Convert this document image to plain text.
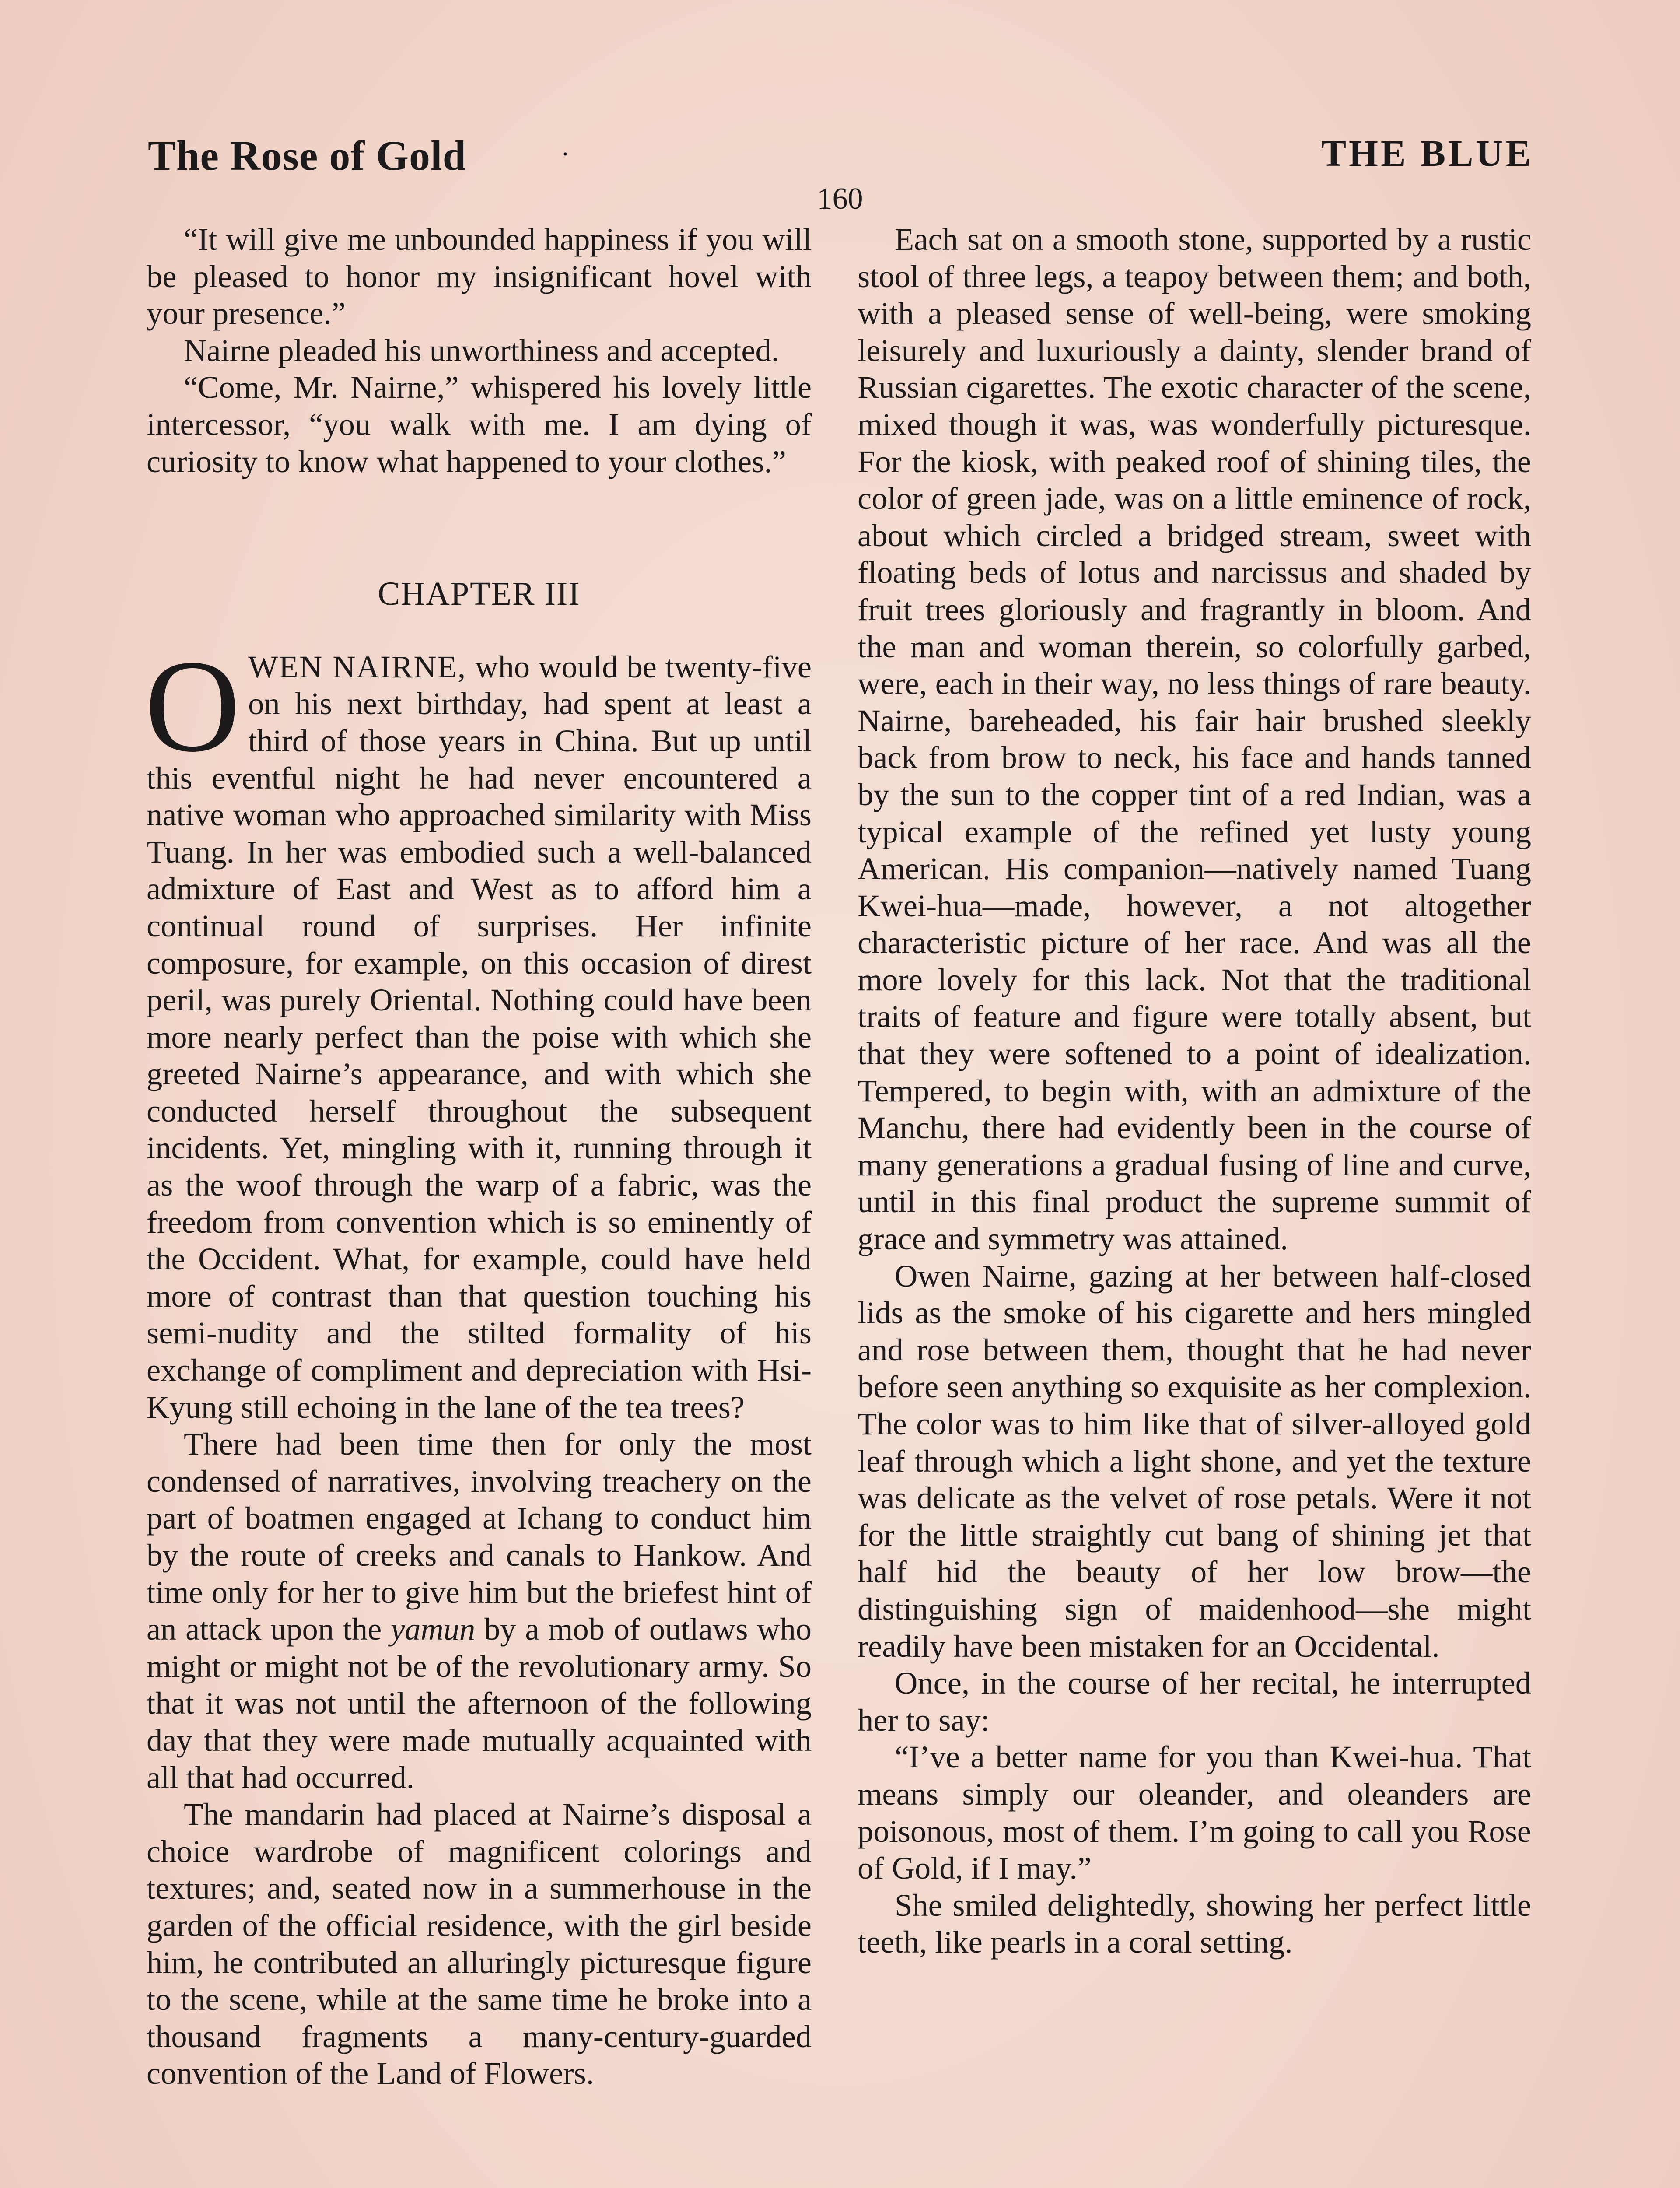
The Rose of Gold	·	THE BLUE
160

“It will give me unbounded happiness if you will be pleased to honor my insignificant hovel with your presence.”

Nairne pleaded his unworthiness and accepted.

“Come, Mr. Nairne,” whispered his lovely little intercessor, “you walk with me. I am dying of curiosity to know what happened to your clothes.”

CHAPTER III

OWEN NAIRNE, who would be twenty-five on his next birthday, had spent at least a third of those years in China. But up until this eventful night he had never encountered a native woman who approached similarity with Miss Tuang. In her was embodied such a well-balanced admixture of East and West as to afford him a continual round of surprises. Her infinite composure, for example, on this occasion of direst peril, was purely Oriental. Nothing could have been more nearly perfect than the poise with which she greeted Nairne’s appearance, and with which she conducted herself throughout the subsequent incidents. Yet, mingling with it, running through it as the woof through the warp of a fabric, was the freedom from convention which is so eminently of the Occident. What, for example, could have held more of contrast than that question touching his semi-nudity and the stilted formality of his exchange of compliment and depreciation with Hsi-Kyung still echoing in the lane of the tea trees?

There had been time then for only the most condensed of narratives, involving treachery on the part of boatmen engaged at Ichang to conduct him by the route of creeks and canals to Hankow. And time only for her to give him but the briefest hint of an attack upon the yamun by a mob of outlaws who might or might not be of the revolutionary army. So that it was not until the afternoon of the following day that they were made mutually acquainted with all that had occurred.

The mandarin had placed at Nairne’s disposal a choice wardrobe of magnificent colorings and textures; and, seated now in a summerhouse in the garden of the official residence, with the girl beside him, he contributed an alluringly picturesque figure to the scene, while at the same time he broke into a thousand fragments a many-century-guarded convention of the Land of Flowers.

Each sat on a smooth stone, supported by a rustic stool of three legs, a teapoy between them; and both, with a pleased sense of well-being, were smoking leisurely and luxuriously a dainty, slender brand of Russian cigarettes. The exotic character of the scene, mixed though it was, was wonderfully picturesque. For the kiosk, with peaked roof of shining tiles, the color of green jade, was on a little eminence of rock, about which circled a bridged stream, sweet with floating beds of lotus and narcissus and shaded by fruit trees gloriously and fragrantly in bloom. And the man and woman therein, so colorfully garbed, were, each in their way, no less things of rare beauty. Nairne, bareheaded, his fair hair brushed sleekly back from brow to neck, his face and hands tanned by the sun to the copper tint of a red Indian, was a typical example of the refined yet lusty young American. His companion—natively named Tuang Kwei-hua—made, however, a not altogether characteristic picture of her race. And was all the more lovely for this lack. Not that the traditional traits of feature and figure were totally absent, but that they were softened to a point of idealization. Tempered, to begin with, with an admixture of the Manchu, there had evidently been in the course of many generations a gradual fusing of line and curve, until in this final product the supreme summit of grace and symmetry was attained.

Owen Nairne, gazing at her between half-closed lids as the smoke of his cigarette and hers mingled and rose between them, thought that he had never before seen anything so exquisite as her complexion. The color was to him like that of silver-alloyed gold leaf through which a light shone, and yet the texture was delicate as the velvet of rose petals. Were it not for the little straightly cut bang of shining jet that half hid the beauty of her low brow—the distinguishing sign of maidenhood—she might readily have been mistaken for an Occidental.

Once, in the course of her recital, he interrupted her to say:

“I’ve a better name for you than Kwei-hua. That means simply our oleander, and oleanders are poisonous, most of them. I’m going to call you Rose of Gold, if I may.”

She smiled delightedly, showing her perfect little teeth, like pearls in a coral setting.
